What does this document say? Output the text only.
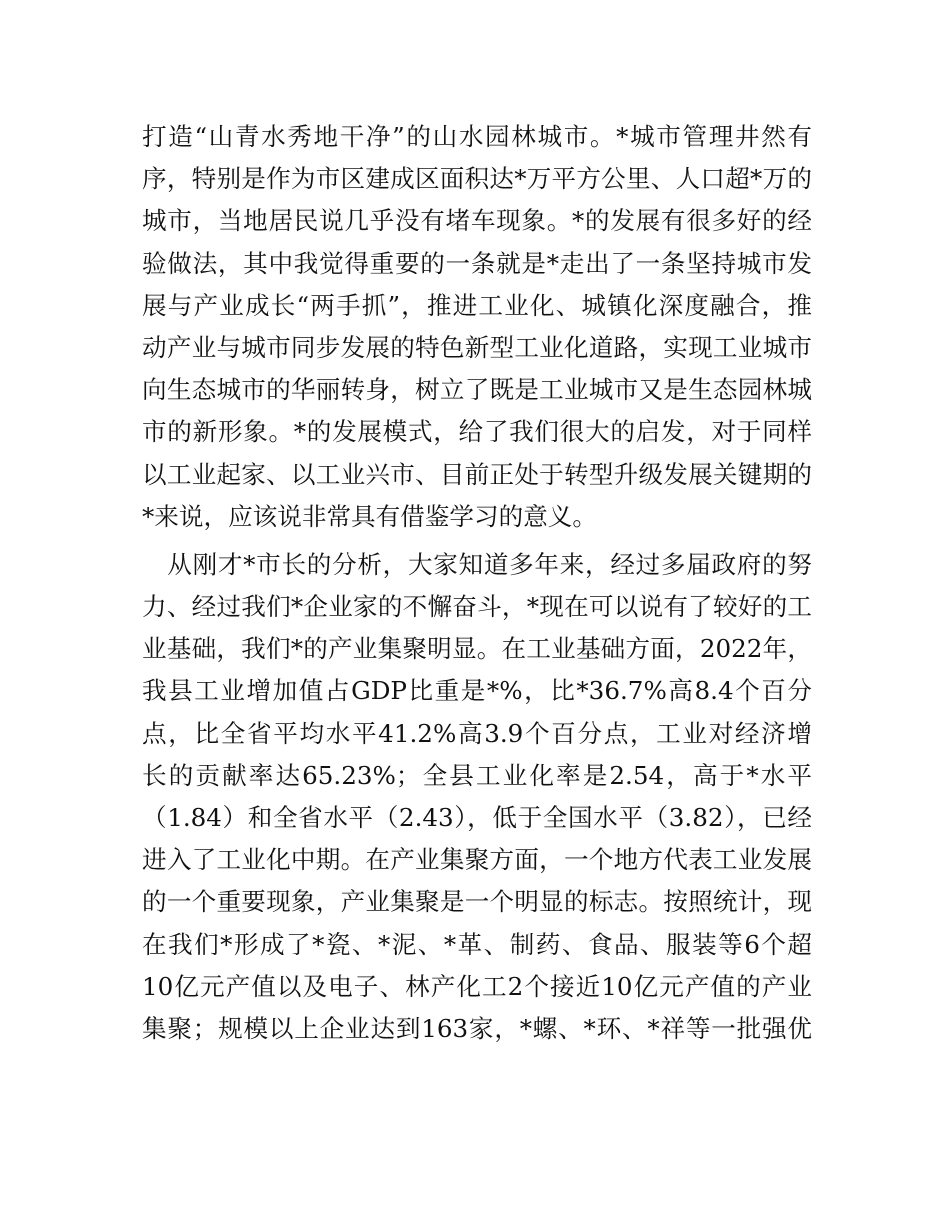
打造“山青水秀地干净”的山水园林城市。*城市管理井然有
序，特别是作为市区建成区面积达*万平方公里、人口超*万的
城市，当地居民说几乎没有堵车现象。*的发展有很多好的经
验做法，其中我觉得重要的一条就是*走出了一条坚持城市发
展与产业成长“两手抓”，推进工业化、城镇化深度融合，推
动产业与城市同步发展的特色新型工业化道路，实现工业城市
向生态城市的华丽转身，树立了既是工业城市又是生态园林城
市的新形象。*的发展模式，给了我们很大的启发，对于同样
以工业起家、以工业兴市、目前正处于转型升级发展关键期的
*来说，应该说非常具有借鉴学习的意义。
　从刚才*市长的分析，大家知道多年来，经过多届政府的努
力、经过我们*企业家的不懈奋斗，*现在可以说有了较好的工
业基础，我们*的产业集聚明显。在工业基础方面，2022年，
我县工业增加值占GDP比重是*%，比*36.7%高8.4个百分
点，比全省平均水平41.2%高3.9个百分点，工业对经济增
长的贡献率达65.23%；全县工业化率是2.54，高于*水平
（1.84）和全省水平（2.43），低于全国水平（3.82），已经
进入了工业化中期。在产业集聚方面，一个地方代表工业发展
的一个重要现象，产业集聚是一个明显的标志。按照统计，现
在我们*形成了*瓷、*泥、*革、制药、食品、服装等6个超
10亿元产值以及电子、林产化工2个接近10亿元产值的产业
集聚；规模以上企业达到163家，*螺、*环、*祥等一批强优
